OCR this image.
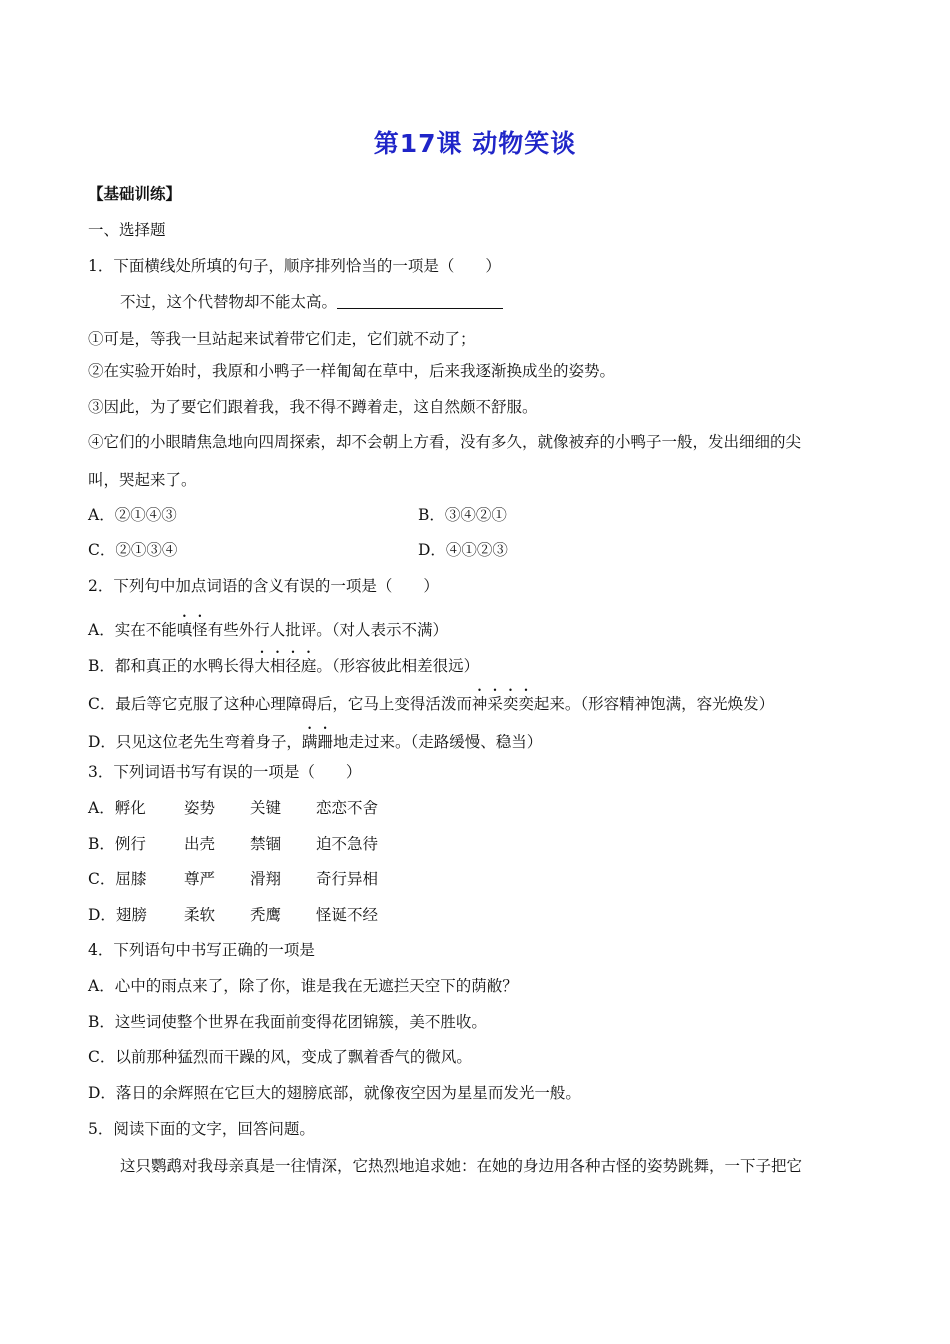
第17课 动物笑谈
【基础训练】
一、选择题
1．下面横线处所填的句子，顺序排列恰当的一项是（　　）
不过，这个代替物却不能太高。
①可是，等我一旦站起来试着带它们走，它们就不动了；
②在实验开始时，我原和小鸭子一样匍匐在草中，后来我逐渐换成坐的姿势。
③因此，为了要它们跟着我，我不得不蹲着走，这自然颇不舒服。
④它们的小眼睛焦急地向四周探索，却不会朝上方看，没有多久，就像被弃的小鸭子一般，发出细细的尖
叫，哭起来了。
A．②①④③	B．③④②①
C．②①③④	D．④①②③
2．下列句中加点词语的含义有误的一项是（　　）
A．实在不能嗔怪有些外行人批评。（对人表示不满）
B．都和真正的水鸭长得大相径庭。（形容彼此相差很远）
C．最后等它克服了这种心理障碍后，它马上变得活泼而神采奕奕起来。（形容精神饱满，容光焕发）
D．只见这位老先生弯着身子，蹒跚地走过来。（走路缓慢、稳当）
3．下列词语书写有误的一项是（　　）
A．孵化 姿势 关键 恋恋不舍
B．例行 出壳 禁锢 迫不急待
C．屈膝 尊严 滑翔 奇行异相
D．翅膀 柔软 秃鹰 怪诞不经
4．下列语句中书写正确的一项是
A．心中的雨点来了，除了你，谁是我在无遮拦天空下的荫敝？
B．这些词使整个世界在我面前变得花团锦簇，美不胜收。
C．以前那种猛烈而干躁的风，变成了飘着香气的微风。
D．落日的余辉照在它巨大的翅膀底部，就像夜空因为星星而发光一般。
5．阅读下面的文字，回答问题。
这只鹦鹉对我母亲真是一往情深，它热烈地追求她：在她的身边用各种古怪的姿势跳舞，一下子把它
